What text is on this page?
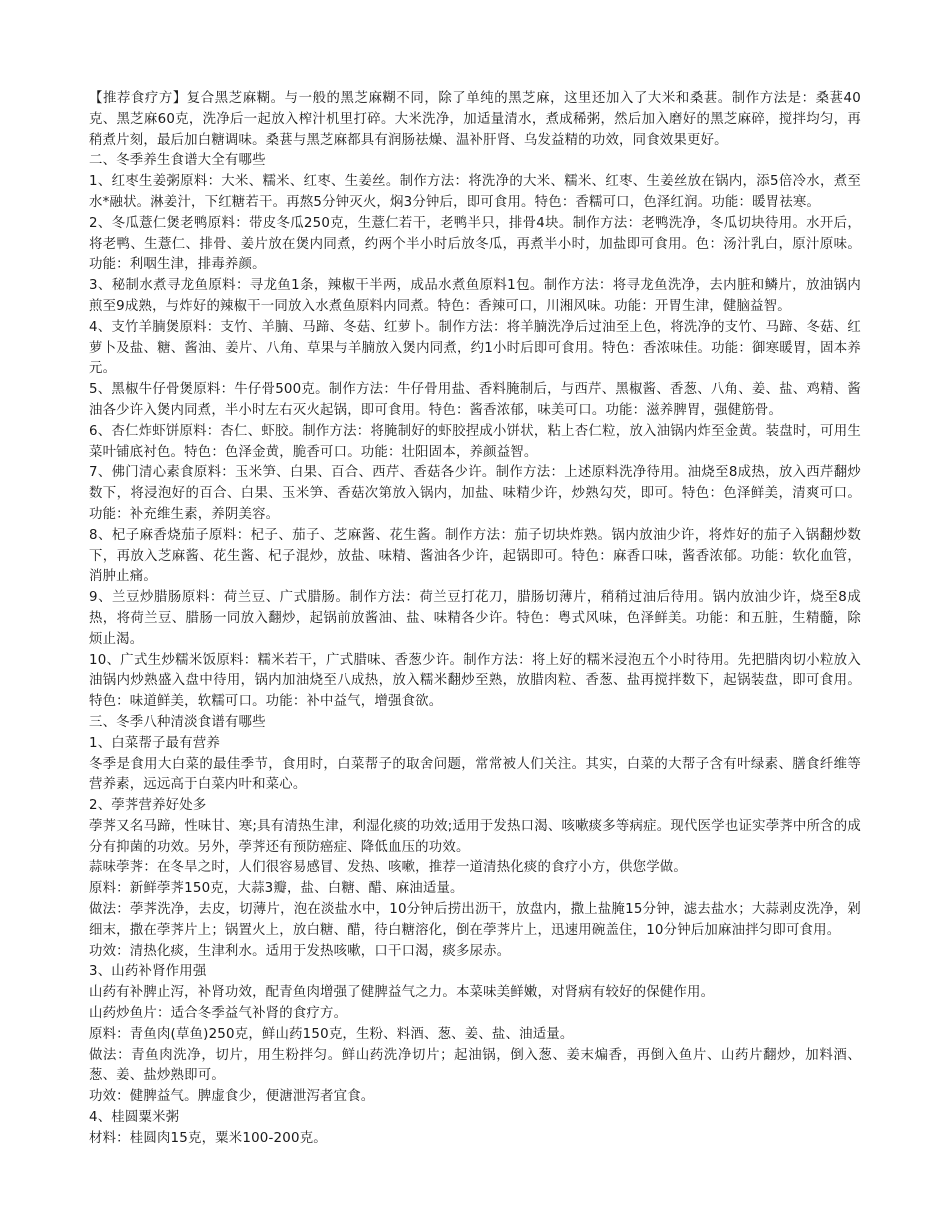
【推荐食疗方】复合黑芝麻糊。与一般的黑芝麻糊不同，除了单纯的黑芝麻，这里还加入了大米和桑葚。制作方法是：桑葚40克、黑芝麻60克，洗净后一起放入榨汁机里打碎。大米洗净，加适量清水，煮成稀粥，然后加入磨好的黑芝麻碎，搅拌均匀，再稍煮片刻，最后加白糖调味。桑葚与黑芝麻都具有润肠祛燥、温补肝肾、乌发益精的功效，同食效果更好。

二、冬季养生食谱大全有哪些

1、红枣生姜粥原料：大米、糯米、红枣、生姜丝。制作方法：将洗净的大米、糯米、红枣、生姜丝放在锅内，添5倍冷水，煮至水*融状。淋姜汁，下红糖若干。再熬5分钟灭火，焖3分钟后，即可食用。特色：香糯可口，色泽红润。功能：暖胃祛寒。

2、冬瓜薏仁煲老鸭原料：带皮冬瓜250克，生薏仁若干，老鸭半只，排骨4块。制作方法：老鸭洗净，冬瓜切块待用。水开后，将老鸭、生薏仁、排骨、姜片放在煲内同煮，约两个半小时后放冬瓜，再煮半小时，加盐即可食用。色：汤汁乳白，原汁原味。功能：利咽生津，排毒养颜。

3、秘制水煮寻龙鱼原料：寻龙鱼1条，辣椒干半两，成品水煮鱼原料1包。制作方法：将寻龙鱼洗净，去内脏和鳞片，放油锅内煎至9成熟，与炸好的辣椒干一同放入水煮鱼原料内同煮。特色：香辣可口，川湘风味。功能：开胃生津，健脑益智。

4、支竹羊腩煲原料：支竹、羊腩、马蹄、冬菇、红萝卜。制作方法：将羊腩洗净后过油至上色，将洗净的支竹、马蹄、冬菇、红萝卜及盐、糖、酱油、姜片、八角、草果与羊腩放入煲内同煮，约1小时后即可食用。特色：香浓味佳。功能：御寒暖胃，固本养元。

5、黑椒牛仔骨煲原料：牛仔骨500克。制作方法：牛仔骨用盐、香料腌制后，与西芹、黑椒酱、香葱、八角、姜、盐、鸡精、酱油各少许入煲内同煮，半小时左右灭火起锅，即可食用。特色：酱香浓郁，味美可口。功能：滋养脾胃，强健筋骨。

6、杏仁炸虾饼原料：杏仁、虾胶。制作方法：将腌制好的虾胶捏成小饼状，粘上杏仁粒，放入油锅内炸至金黄。装盘时，可用生菜叶铺底衬色。特色：色泽金黄，脆香可口。功能：壮阳固本，养颜益智。

7、佛门清心素食原料：玉米笋、白果、百合、西芹、香菇各少许。制作方法：上述原料洗净待用。油烧至8成热，放入西芹翻炒数下，将浸泡好的百合、白果、玉米笋、香菇次第放入锅内，加盐、味精少许，炒熟勾芡，即可。特色：色泽鲜美，清爽可口。功能：补充维生素，养阴美容。

8、杞子麻香烧茄子原料：杞子、茄子、芝麻酱、花生酱。制作方法：茄子切块炸熟。锅内放油少许，将炸好的茄子入锅翻炒数下，再放入芝麻酱、花生酱、杞子混炒，放盐、味精、酱油各少许，起锅即可。特色：麻香口味，酱香浓郁。功能：软化血管，消肿止痛。

9、兰豆炒腊肠原料：荷兰豆、广式腊肠。制作方法：荷兰豆打花刀，腊肠切薄片，稍稍过油后待用。锅内放油少许，烧至8成热，将荷兰豆、腊肠一同放入翻炒，起锅前放酱油、盐、味精各少许。特色：粤式风味，色泽鲜美。功能：和五脏，生精髓，除烦止渴。

10、广式生炒糯米饭原料：糯米若干，广式腊味、香葱少许。制作方法：将上好的糯米浸泡五个小时待用。先把腊肉切小粒放入油锅内炒熟盛入盘中待用，锅内加油烧至八成热，放入糯米翻炒至熟，放腊肉粒、香葱、盐再搅拌数下，起锅装盘，即可食用。特色：味道鲜美，软糯可口。功能：补中益气，增强食欲。

三、冬季八种清淡食谱有哪些

1、白菜帮子最有营养

冬季是食用大白菜的最佳季节，食用时，白菜帮子的取舍问题，常常被人们关注。其实，白菜的大帮子含有叶绿素、膳食纤维等营养素，远远高于白菜内叶和菜心。

2、荸荠营养好处多

荸荠又名马蹄，性味甘、寒;具有清热生津，利湿化痰的功效;适用于发热口渴、咳嗽痰多等病症。现代医学也证实荸荠中所含的成分有抑菌的功效。另外，荸荠还有预防癌症、降低血压的功效。

蒜味荸荠：在冬旱之时，人们很容易感冒、发热、咳嗽，推荐一道清热化痰的食疗小方，供您学做。

原料：新鲜荸荠150克，大蒜3瓣，盐、白糖、醋、麻油适量。

做法：荸荠洗净，去皮，切薄片，泡在淡盐水中，10分钟后捞出沥干，放盘内，撒上盐腌15分钟，滤去盐水；大蒜剥皮洗净，剁细末，撒在荸荠片上；锅置火上，放白糖、醋，待白糖溶化，倒在荸荠片上，迅速用碗盖住，10分钟后加麻油拌匀即可食用。

功效：清热化痰，生津利水。适用于发热咳嗽，口干口渴，痰多尿赤。

3、山药补肾作用强

山药有补脾止泻，补肾功效，配青鱼肉增强了健脾益气之力。本菜味美鲜嫩，对肾病有较好的保健作用。

山药炒鱼片：适合冬季益气补肾的食疗方。

原料：青鱼肉(草鱼)250克，鲜山药150克，生粉、料酒、葱、姜、盐、油适量。

做法：青鱼肉洗净，切片，用生粉拌匀。鲜山药洗净切片；起油锅，倒入葱、姜末煸香，再倒入鱼片、山药片翻炒，加料酒、葱、姜、盐炒熟即可。

功效：健脾益气。脾虚食少，便溏泄泻者宜食。

4、桂圆粟米粥

材料：桂圆肉15克，粟米100-200克。
